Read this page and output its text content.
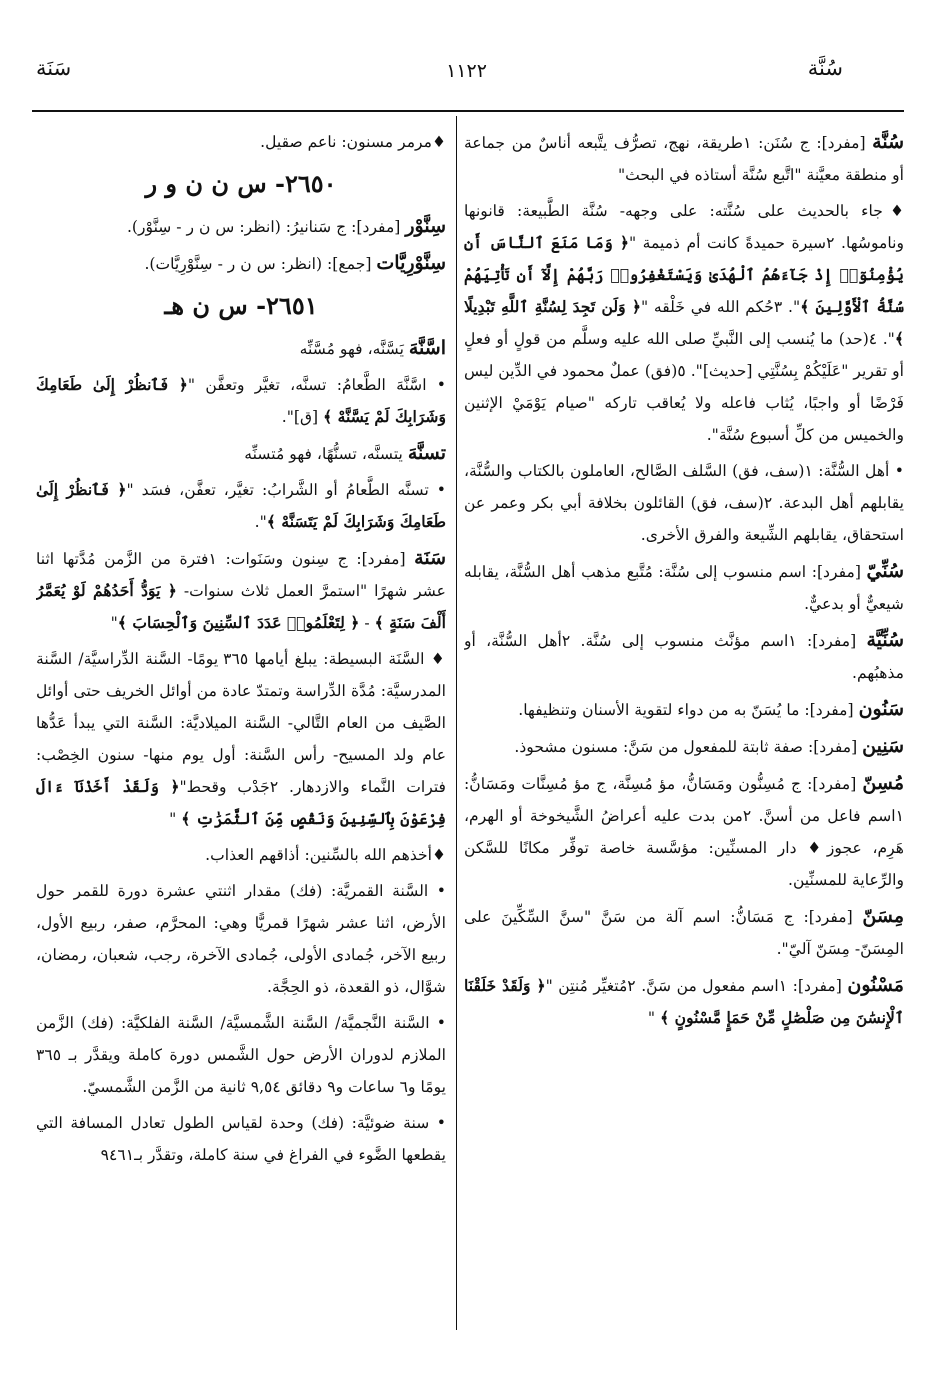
سُنَّة
١١٢٢
سَنَة

سُنَّة [مفرد]: ج سُنَن: ١طريقة، نهج، تصرُّف يتَّبعه أناسٌ من جماعة أو منطقة معيَّنة "اتَّبع سُنَّة أستاذه في البحث"

♦جاء بالحديث على سُنَّته: على وجهه- سُنَّة الطَّبيعة: قانونها وناموسُها. ٢سيرة حميدةً كانت أم ذميمة "﴿ وَمَا مَنَعَ ٱلنَّاسَ أَن يُؤْمِنُوٓا۟ إِذْ جَآءَهُمُ ٱلْهُدَىٰ وَيَسْتَغْفِرُوا۟ رَبَّهُمْ إِلَّآ أَن تَأْتِيَهُمْ سُنَّةُ ٱلْأَوَّلِينَ ﴾". ٣حُكم الله في خَلْقه "﴿ وَلَن تَجِدَ لِسُنَّةِ ٱللَّهِ تَبْدِيلًا ﴾". ٤(حد) ما يُنسب إلى النَّبيِّ صلى الله عليه وسلَّم من قولٍ أو فعلٍ أو تقرير "عَلَيْكُمْ بِسُنَّتِي [حديث]". ٥(فق) عملٌ محمود في الدِّين ليس فَرْضًا أو واجبًا، يُثاب فاعله ولا يُعاقب تاركه "صيام يَوْمَيْ الإثنين والخميس من كلِّ أسبوع سُنَّة".

• أهل السُّنَّة: ١(سف، فق) السَّلف الصَّالح، العاملون بالكتاب والسُّنَّة، يقابلهم أهل البدعة. ٢(سف، فق) القائلون بخلافة أبي بكر وعمر عن استحقاق، يقابلهم الشِّيعة والفرق الأخرى.

سُنِّيّ [مفرد]: اسم منسوب إلى سُنَّة: مُتَّبع مذهب أهل السُّنَّة، يقابله شيعيٌّ أو بدعيٌّ.

سُنِّيَّة [مفرد]: ١اسم مؤنَّث منسوب إلى سُنَّة. ٢أهل السُّنَّة، أو مذهبُهم.

سَنُون [مفرد]: ما يُسَنّ به من دواء لتقوية الأسنان وتنظيفها.

سَنِين [مفرد]: صفة ثابتة للمفعول من سَنَّ: مسنون مشحوذ.

مُسِنّ [مفرد]: ج مُسِنُّون ومَسَانُّ، مؤ مُسِنَّة، ج مؤ مُسِنَّات ومَسَانُّ: ١اسم فاعل من أسنَّ. ٢من بدت عليه أعراضُ الشَّيخوخة أو الهرم، هَرِم، عجوز♦ دار المسنِّين: مؤسَّسة خاصة توفِّر مكانًا للسَّكن والرِّعاية للمسنِّين.

مِسَنّ [مفرد]: ج مَسَانُّ: اسم آلة من سَنَّ "سنَّ السِّكِّينَ على المِسَنّ- مِسَنّ آليّ".

مَسْنُون [مفرد]: ١اسم مفعول من سَنَّ. ٢مُتغيِّر مُنتِن "﴿ وَلَقَدْ خَلَقْنَا ٱلْإِنسَٰنَ مِن صَلْصَٰلٍ مِّنْ حَمَإٍ مَّسْنُونٍ ﴾ "

♦مرمر مسنون: ناعم صقيل.

٢٦٥٠- س ن ن و ر

سِنَّوْر [مفرد]: ج سَنانيرُ: (انظر: س ن ر - سِنَّوْر).

سِنَّوْرِيَّات [جمع]: (انظر: س ن ر - سِنَّوْرِيَّات).

٢٦٥١- س ن هـ

اسَّنَّهَ يَسَّنَّه، فهو مُسَّنِّه

• اسَّنَّهَ الطَّعامُ: تسنَّه، تغيَّر وتعفَّن "﴿ فَٱنظُرْ إِلَىٰ طَعَامِكَ وَشَرَابِكَ لَمْ يَسَّنَّهْ ﴾ [ق]".

تسنَّهَ يتسنَّه، تسنُّهًا، فهو مُتسنِّه

• تسنَّه الطَّعامُ أو الشَّرابُ: تغيَّر، تعفَّن، فسَد "﴿ فَٱنظُرْ إِلَىٰ طَعَامِكَ وَشَرَابِكَ لَمْ يَتَسَنَّهْ ﴾".

سَنَة [مفرد]: ج سِنون وسَنَوات: ١فترة من الزَّمن مُدَّتها اثنا عشر شهرًا "استمرَّ العمل ثلاث سنوات- ﴿ يَوَدُّ أَحَدُهُمْ لَوْ يُعَمَّرُ أَلْفَ سَنَةٍ ﴾ - ﴿ لِتَعْلَمُوا۟ عَدَدَ ٱلسِّنِينَ وَٱلْحِسَابَ ﴾"

♦ السَّنَة البسيطة: يبلغ أيامها ٣٦٥ يومًا- السَّنة الدِّراسيَّة/ السَّنة المدرسيَّة: مُدَّة الدِّراسة وتمتدّ عادة من أوائل الخريف حتى أوائل الصَّيف من العام التَّالي- السَّنة الميلاديَّة: السَّنة التي يبدأ عَدُّها عام ولد المسيح- رأس السَّنة: أول يوم منها- سنون الخِصْب: فترات النَّماء والازدهار. ٢جَدْب وقحط"﴿ وَلَقَدْ أَخَذْنَآ ءَالَ فِرْعَوْنَ بِٱلسِّنِينَ وَنَقْصٍ مِّنَ ٱلثَّمَرَٰتِ ﴾ "

♦أخذهم الله بالسِّنين: أذاقهم العذاب.

• السَّنة القمريَّة: (فك) مقدار اثنتي عشرة دورة للقمر حول الأرض، اثنا عشر شهرًا قمريًّا وهي: المحرَّم، صفر، ربيع الأول، ربيع الآخر، جُمادى الأولى، جُمادى الآخرة، رجب، شعبان، رمضان، شوَّال، ذو القعدة، ذو الحِجَّة.

• السَّنة النَّجميَّة/ السَّنة الشَّمسيَّة/ السَّنة الفلكيَّة: (فك) الزَّمن الملازم لدوران الأرض حول الشَّمس دورة كاملة ويقدَّر بـ ٣٦٥ يومًا و٦ ساعات و٩ دقائق ٩,٥٤ ثانية من الزَّمن الشَّمسيّ.

• سنة ضوئيَّة: (فك) وحدة لقياس الطول تعادل المسافة التي يقطعها الضَّوء في الفراغ في سنة كاملة، وتقدَّر بـ٩٤٦١
